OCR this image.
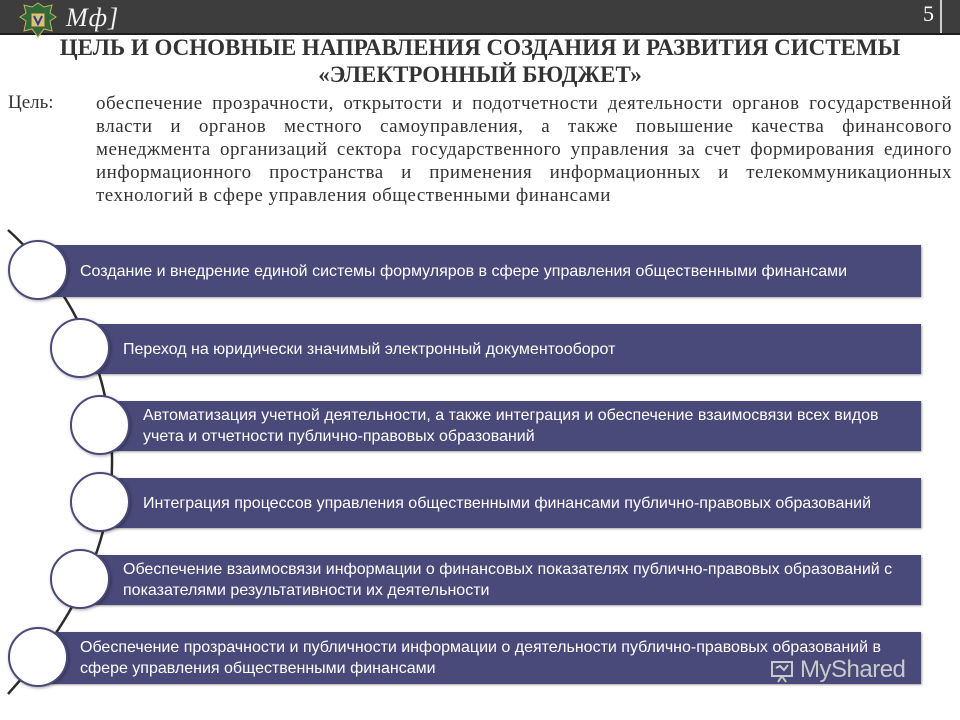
Мф]	5
ЦЕЛЬ И ОСНОВНЫЕ НАПРАВЛЕНИЯ СОЗДАНИЯ И РАЗВИТИЯ СИСТЕМЫ «ЭЛЕКТРОННЫЙ БЮДЖЕТ»
Цель: обеспечение прозрачности, открытости и подотчетности деятельности органов государственной власти и органов местного самоуправления, а также повышение качества финансового менеджмента организаций сектора государственного управления за счет формирования единого информационного пространства и применения информационных и телекоммуникационных технологий в сфере управления общественными финансами
Создание и внедрение единой системы формуляров в сфере управления общественными финансами
Переход на юридически значимый электронный документооборот
Автоматизация учетной деятельности, а также интеграция и обеспечение взаимосвязи всех видов учета и отчетности публично-правовых образований
Интеграция процессов управления общественными финансами публично-правовых образований
Обеспечение взаимосвязи информации о финансовых показателях публично-правовых образований с показателями результативности их деятельности
Обеспечение прозрачности и публичности информации о деятельности публично-правовых образований в сфере управления общественными финансами	MyShared
